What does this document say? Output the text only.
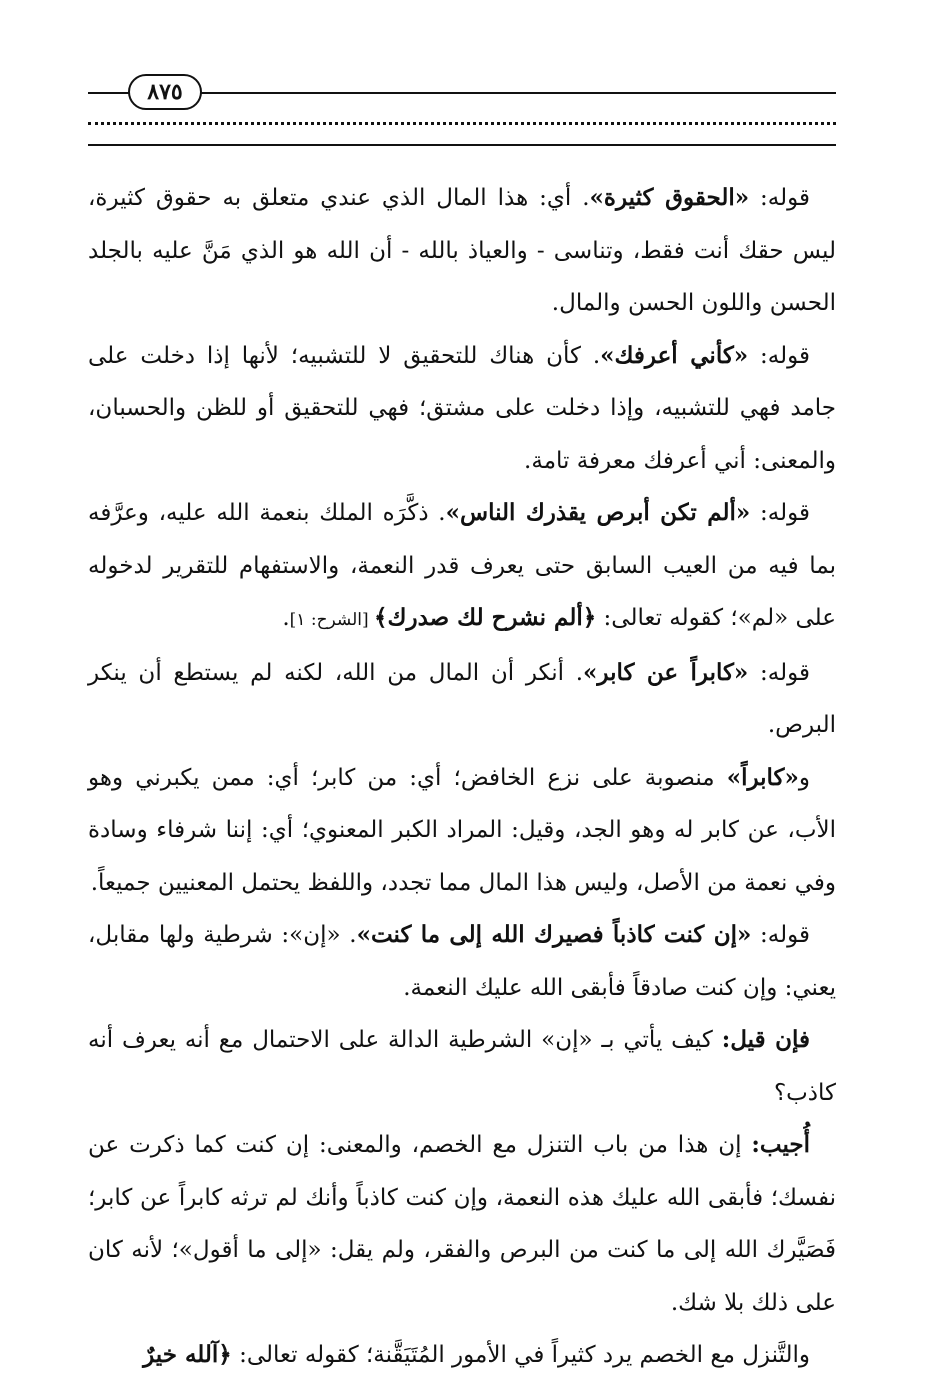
٨٧٥

قوله: «الحقوق كثيرة». أي: هذا المال الذي عندي متعلق به حقوق كثيرة، ليس حقك أنت فقط، وتناسى - والعياذ بالله - أن الله هو الذي مَنَّ عليه بالجلد الحسن واللون الحسن والمال.

قوله: «كأني أعرفك». كأن هناك للتحقيق لا للتشبيه؛ لأنها إذا دخلت على جامد فهي للتشبيه، وإذا دخلت على مشتق؛ فهي للتحقيق أو للظن والحسبان، والمعنى: أني أعرفك معرفة تامة.

قوله: «ألم تكن أبرص يقذرك الناس». ذكَّرَه الملك بنعمة الله عليه، وعرَّفه بما فيه من العيب السابق حتى يعرف قدر النعمة، والاستفهام للتقرير لدخوله على «لم»؛ كقوله تعالى: ﴿ألم نشرح لك صدرك﴾ [الشرح: ١].

قوله: «كابراً عن كابر». أنكر أن المال من الله، لكنه لم يستطع أن ينكر البرص.

و«كابراً» منصوبة على نزع الخافض؛ أي: من كابر؛ أي: ممن يكبرني وهو الأب، عن كابر له وهو الجد، وقيل: المراد الكبر المعنوي؛ أي: إننا شرفاء وسادة وفي نعمة من الأصل، وليس هذا المال مما تجدد، واللفظ يحتمل المعنيين جميعاً.

قوله: «إن كنت كاذباً فصيرك الله إلى ما كنت». «إن»: شرطية ولها مقابل، يعني: وإن كنت صادقاً فأبقى الله عليك النعمة.

فإن قيل: كيف يأتي بـ «إن» الشرطية الدالة على الاحتمال مع أنه يعرف أنه كاذب؟

أُجيب: إن هذا من باب التنزل مع الخصم، والمعنى: إن كنت كما ذكرت عن نفسك؛ فأبقى الله عليك هذه النعمة، وإن كنت كاذباً وأنك لم ترثه كابراً عن كابر؛ فَصَيَّرك الله إلى ما كنت من البرص والفقر، ولم يقل: «إلى ما أقول»؛ لأنه كان على ذلك بلا شك.

والتَّنزل مع الخصم يرد كثيراً في الأمور المُتَيَقَّنة؛ كقوله تعالى: ﴿آلله خيرٌ
